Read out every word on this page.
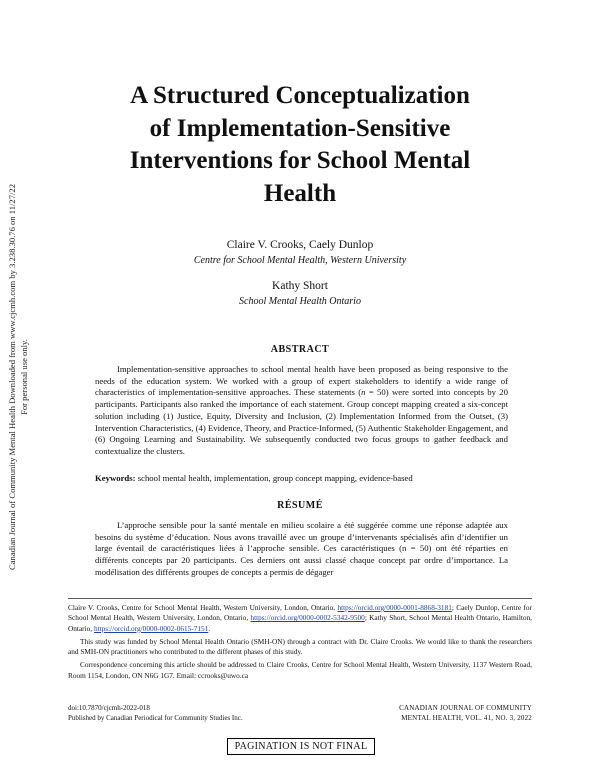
Canadian Journal of Community Mental Health Downloaded from www.cjcmh.com by 3.238.30.76 on 11/27/22 For personal use only.
A Structured Conceptualization
of Implementation-Sensitive
Interventions for School Mental
Health
Claire V. Crooks, Caely Dunlop
Centre for School Mental Health, Western University
Kathy Short
School Mental Health Ontario
ABSTRACT

Implementation-sensitive approaches to school mental health have been proposed as being responsive to the needs of the education system. We worked with a group of expert stakeholders to identify a wide range of characteristics of implementation-sensitive approaches. These statements (n = 50) were sorted into concepts by 20 participants. Participants also ranked the importance of each statement. Group concept mapping created a six-concept solution including (1) Justice, Equity, Diversity and Inclusion, (2) Implementation Informed from the Outset, (3) Intervention Characteristics, (4) Evidence, Theory, and Practice-Informed, (5) Authentic Stakeholder Engagement, and (6) Ongoing Learning and Sustainability. We subsequently conducted two focus groups to gather feedback and contextualize the clusters.

Keywords: school mental health, implementation, group concept mapping, evidence-based
RÉSUMÉ

L’approche sensible pour la santé mentale en milieu scolaire a été suggérée comme une réponse adaptée aux besoins du système d’éducation. Nous avons travaillé avec un groupe d’intervenants spécialisés afin d’identifier un large éventail de caractéristiques liées à l’approche sensible. Ces caractéristiques (n = 50) ont été réparties en différents concepts par 20 participants. Ces derniers ont aussi classé chaque concept par ordre d’importance. La modélisation des différents groupes de concepts a permis de dégager

Claire V. Crooks, Centre for School Mental Health, Western University, London, Ontario, https://orcid.org/0000-0001-8868-3181; Caely Dunlop, Centre for School Mental Health, Western University, London, Ontario, https://orcid.org/0000-0002-5342-9500; Kathy Short, School Mental Health Ontario, Hamilton, Ontario, https://orcid.org/0000-0002-0615-7151.

This study was funded by School Mental Health Ontario (SMH-ON) through a contract with Dr. Claire Crooks. We would like to thank the researchers and SMH-ON practitioners who contributed to the different phases of this study.

Correspondence concerning this article should be addressed to Claire Crooks, Centre for School Mental Health, Western University, 1137 Western Road, Room 1154, London, ON N6G 1G7. Email: ccrooks@uwo.ca

doi:10.7870/cjcmh-2022-018
Published by Canadian Periodical for Community Studies Inc.
CANADIAN JOURNAL OF COMMUNITY
MENTAL HEALTH, VOL. 41, NO. 3, 2022
PAGINATION IS NOT FINAL
